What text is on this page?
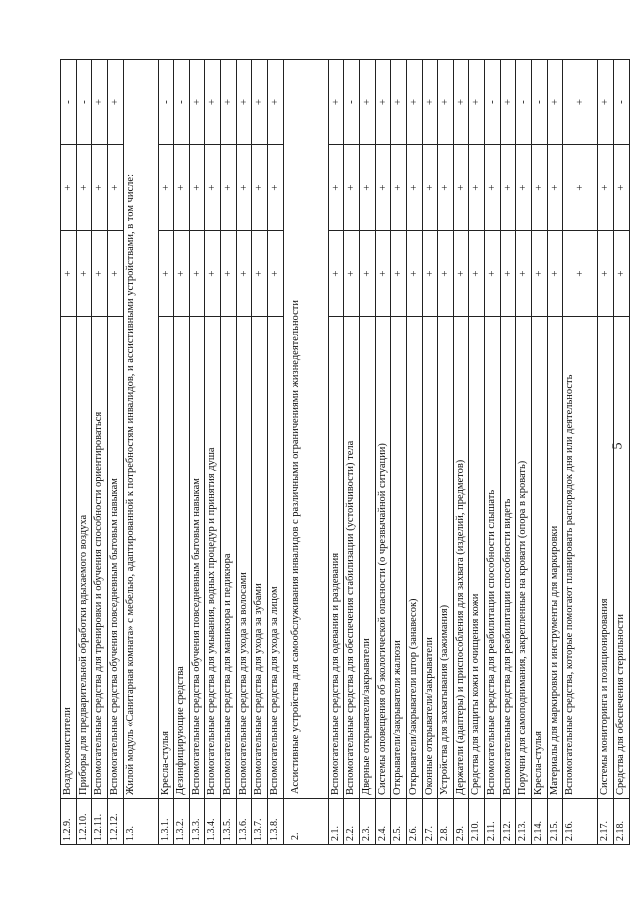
5
1.2.9.	Воздухоочистители	+	+	-
1.2.10.	Приборы для предварительной обработки вдыхаемого воздуха	+	+	-
1.2.11.	Вспомогательные средства для тренировки и обучения способности ориентироваться	+	+	+
1.2.12.	Вспомогательные средства обучения повседневным бытовым навыкам	+	+	+
1.3.	Жилой модуль «Санитарная комната» с мебелью, адаптированной к потребностям инвалидов, и ассистивными устройствами, в том числе:			
1.3.1.	Кресла-стулья	+	+	-
1.3.2.	Дезинфицирующие средства	+	+	-
1.3.3.	Вспомогательные средства обучения повседневным бытовым навыкам	+	+	+
1.3.4.	Вспомогательные средства для умывания, водных процедур и принятия душа	+	+	+
1.3.5.	Вспомогательные средства для маникюра и педикюра	+	+	+
1.3.6.	Вспомогательные средства для ухода за волосами	+	+	+
1.3.7.	Вспомогательные средства для ухода за зубами	+	+	+
1.3.8.	Вспомогательные средства для ухода за лицом	+	+	+
2.	Ассистивные устройства для самообслуживания инвалидов с различными ограничениями жизнедеятельности			
2.1.	Вспомогательные средства для одевания и раздевания	+	+	+
2.2.	Вспомогательные средства для обеспечения стабилизации (устойчивости) тела	+	+	-
2.3.	Дверные открыватели/закрыватели	+	+	+
2.4.	Системы оповещения об экологической опасности (о чрезвычайной ситуации)	+	+	+
2.5.	Открыватели/закрыватели жалюзи	+	+	+
2.6.	Открыватели/закрыватели штор (занавесок)	+	+	+
2.7.	Оконные открыватели/закрыватели	+	+	+
2.8.	Устройства для захватывания (зажимания)	+	+	+
2.9.	Держатели (адаптеры) и приспособления для захвата (изделий, предметов)	+	+	+
2.10.	Средства для защиты кожи и очищения кожи	+	+	+
2.11.	Вспомогательные средства для реабилитации способности слышать	+	+	-
2.12.	Вспомогательные средства для реабилитации способности видеть	+	+	+
2.13.	Поручни для самоподнимания, закрепленные на кровати (опора в кровать)	+	+	-
2.14.	Кресла-стулья	+	+	-
2.15.	Материалы для маркировки и инструменты для маркировки	+	+	+
2.16.	Вспомогательные средства, которые помогают планировать распорядок дня или деятельность	+	+	+
2.17.	Системы мониторинга и позиционирования	+	+	+
2.18.	Средства для обеспечения стерильности	+	+	-
